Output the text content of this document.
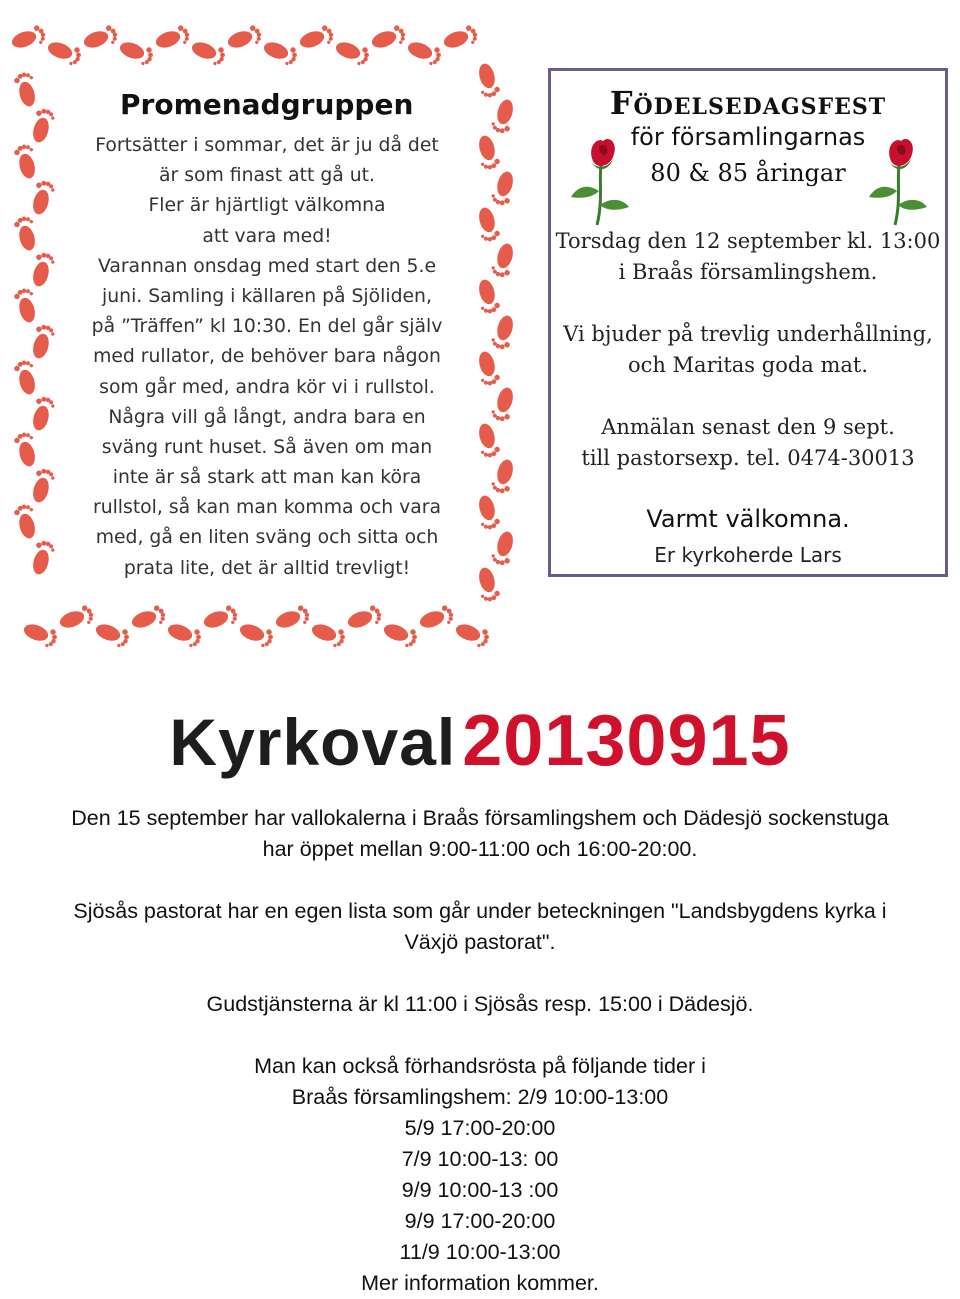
Promenadgruppen
Fortsätter i sommar, det är ju då det
är som finast att gå ut.
Fler är hjärtligt välkomna
att vara med!
Varannan onsdag med start den 5.e
juni. Samling i källaren på Sjöliden,
på ”Träffen” kl 10:30. En del går själv
med rullator, de behöver bara någon
som går med, andra kör vi i rullstol.
Några vill gå långt, andra bara en
sväng runt huset. Så även om man
inte är så stark att man kan köra
rullstol, så kan man komma och vara
med, gå en liten sväng och sitta och
prata lite, det är alltid trevligt!
Födelsedagsfest
för församlingarnas
80 & 85 åringar
Torsdag den 12 september kl. 13:00
i Braås församlingshem.
Vi bjuder på trevlig underhållning,
och Maritas goda mat.
Anmälan senast den 9 sept.
till pastorsexp. tel. 0474-30013
Varmt välkomna.
Er kyrkoherde Lars
Kyrkoval20130915
Den 15 september har vallokalerna i Braås församlingshem och Dädesjö sockenstuga
har öppet mellan 9:00-11:00 och 16:00-20:00.
Sjösås pastorat har en egen lista som går under beteckningen "Landsbygdens kyrka i
Växjö pastorat".
Gudstjänsterna är kl 11:00 i Sjösås resp. 15:00 i Dädesjö.
Man kan också förhandsrösta på följande tider i
Braås församlingshem: 2/9 10:00-13:00
5/9 17:00-20:00
7/9 10:00-13: 00
9/9 10:00-13 :00
9/9 17:00-20:00
11/9 10:00-13:00
Mer information kommer.
